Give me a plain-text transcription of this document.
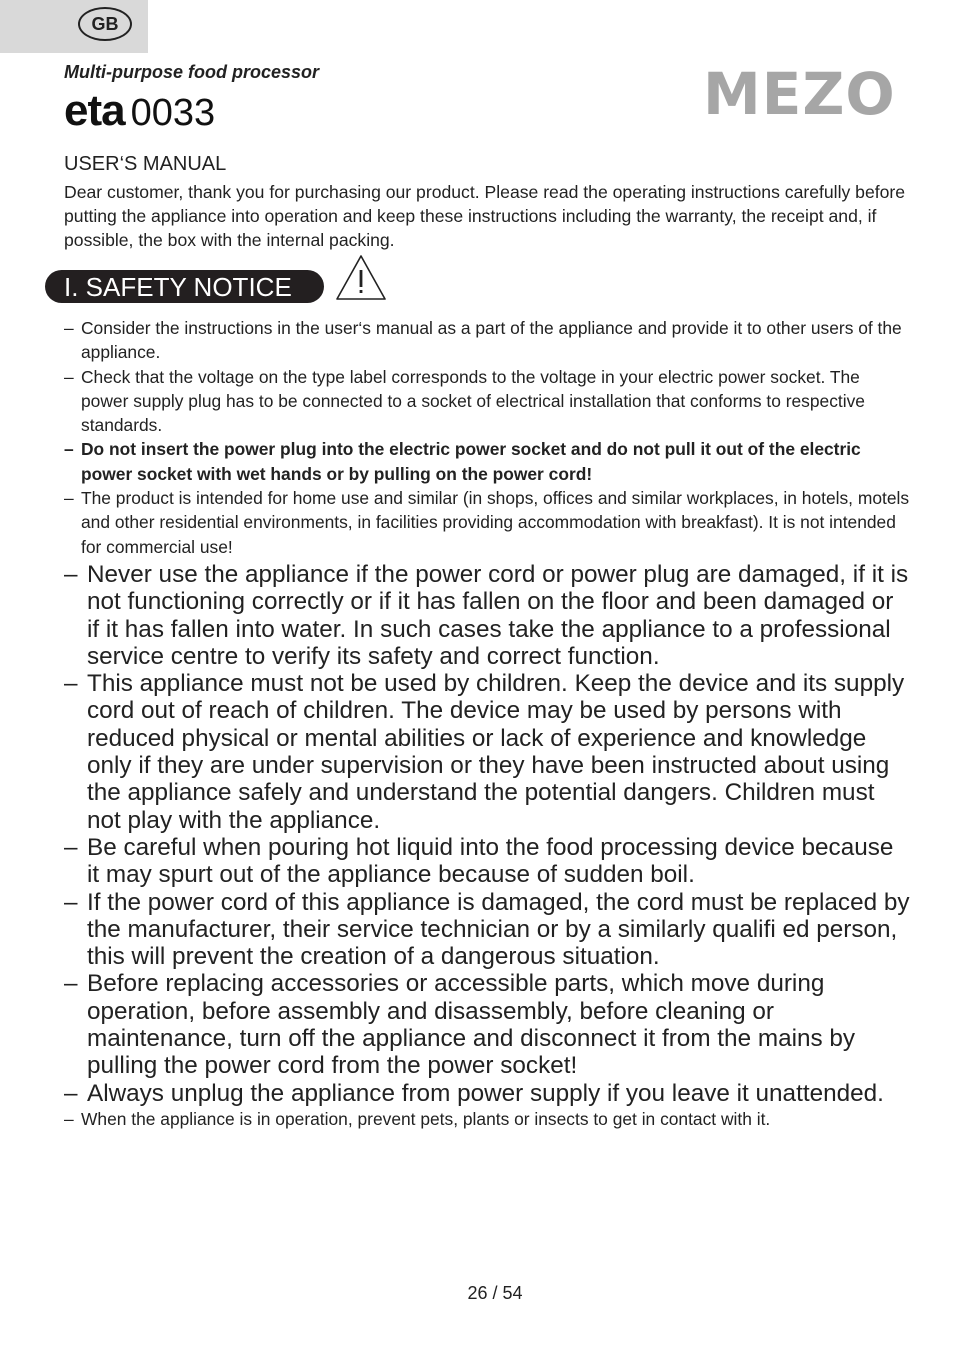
GB
Multi-purpose food processor
eta 0033	MEZO
USER‘S MANUAL
Dear customer, thank you for purchasing our product. Please read the operating instructions carefully before putting the appliance into operation and keep these instructions including the warranty, the receipt and, if possible, the box with the internal packing.
I. SAFETY NOTICE
– Consider the instructions in the user‘s manual as a part of the appliance and provide it to other users of the appliance.
– Check that the voltage on the type label corresponds to the voltage in your electric power socket. The power supply plug has to be connected to a socket of electrical installation that conforms to respective standards.
– Do not insert the power plug into the electric power socket and do not pull it out of the electric power socket with wet hands or by pulling on the power cord!
– The product is intended for home use and similar (in shops, offices and similar workplaces, in hotels, motels and other residential environments, in facilities providing accommodation with breakfast). It is not intended for commercial use!
– Never use the appliance if the power cord or power plug are damaged, if it is not functioning correctly or if it has fallen on the floor and been damaged or if it has fallen into water. In such cases take the appliance to a professional service centre to verify its safety and correct function.
– This appliance must not be used by children. Keep the device and its supply cord out of reach of children. The device may be used by persons with reduced physical or mental abilities or lack of experience and knowledge only if they are under supervision or they have been instructed about using the appliance safely and understand the potential dangers. Children must not play with the appliance.
– Be careful when pouring hot liquid into the food processing device because it may spurt out of the appliance because of sudden boil.
– If the power cord of this appliance is damaged, the cord must be replaced by the manufacturer, their service technician or by a similarly qualifi ed person, this will prevent the creation of a dangerous situation.
– Before replacing accessories or accessible parts, which move during operation, before assembly and disassembly, before cleaning or maintenance, turn off the appliance and disconnect it from the mains by pulling the power cord from the power socket!
– Always unplug the appliance from power supply if you leave it unattended.
– When the appliance is in operation, prevent pets, plants or insects to get in contact with it.
26 / 54
